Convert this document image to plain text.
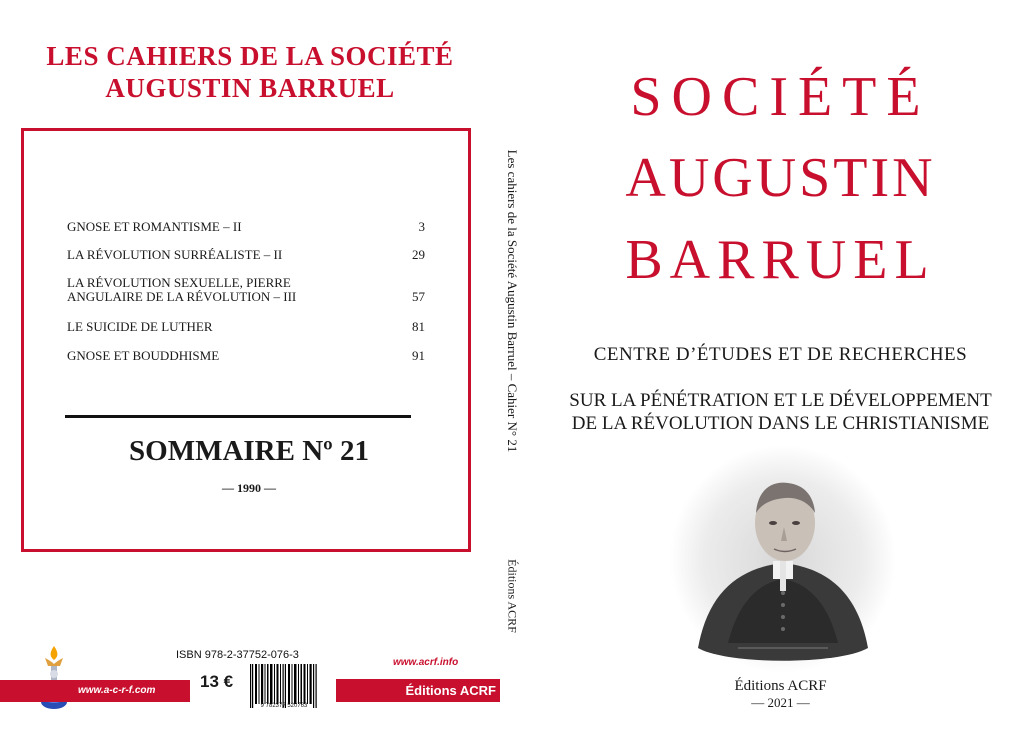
LES CAHIERS DE LA SOCIÉTÉ
AUGUSTIN BARRUEL
GNOSE ET ROMANTISME – II	3
LA RÉVOLUTION SURRÉALISTE – II	29
LA RÉVOLUTION SEXUELLE, PIERRE
ANGULAIRE DE LA RÉVOLUTION – III	57
LE SUICIDE DE LUTHER	81
GNOSE ET BOUDDHISME	91
SOMMAIRE Nº 21
— 1990 —
www.a-c-r-f.com
ISBN 978-2-37752-076-3
13 €
9 782377 520763
www.acrf.info
Éditions ACRF
Les cahiers de la Société Augustin Barruel – Cahier N° 21
Éditions ACRF
SOCIÉTÉ
AUGUSTIN
BARRUEL
CENTRE D’ÉTUDES ET DE RECHERCHES
SUR LA PÉNÉTRATION ET LE DÉVELOPPEMENT
DE LA RÉVOLUTION DANS LE CHRISTIANISME
Éditions ACRF
— 2021 —
